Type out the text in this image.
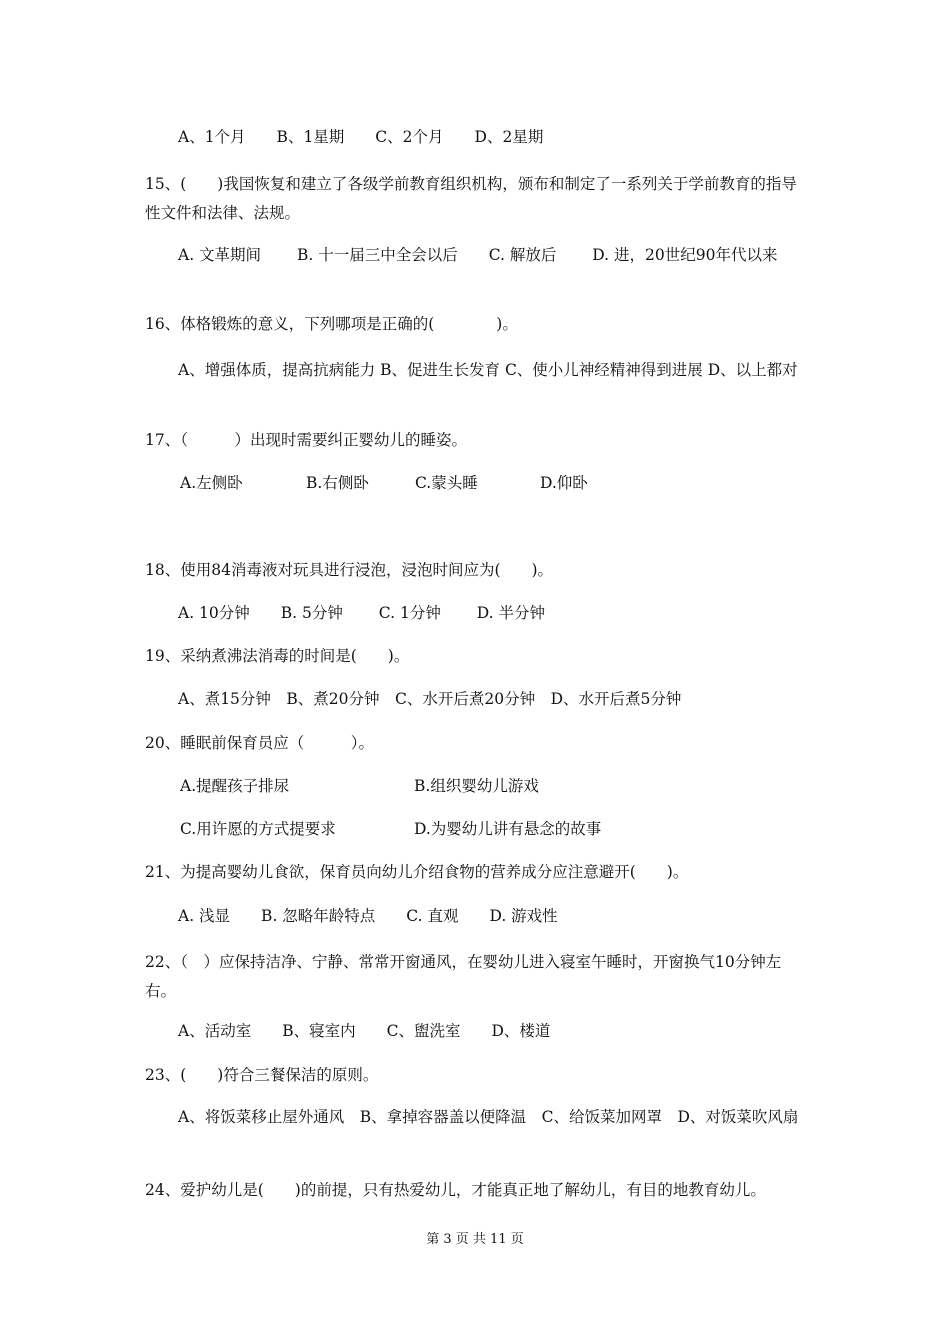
A、1个月　　B、1星期　　C、2个月　　D、2星期
15、(　　)我国恢复和建立了各级学前教育组织机构，颁布和制定了一系列关于学前教育的指导性文件和法律、法规。
A. 文革期间　　 B. 十一届三中全会以后　　C. 解放后　　 D. 进，20世纪90年代以来
16、体格锻炼的意义，下列哪项是正确的(　　　　)。
A、增强体质，提高抗病能力 B、促进生长发育 C、使小儿神经精神得到进展 D、以上都对
17、（　　　）出现时需要纠正婴幼儿的睡姿。
A.左侧卧	B.右侧卧	C.蒙头睡	D.仰卧
18、使用84消毒液对玩具进行浸泡，浸泡时间应为(　　)。
A. 10分钟　　B. 5分钟　　 C. 1分钟　　 D. 半分钟
19、采纳煮沸法消毒的时间是(　　)。
A、煮15分钟　B、煮20分钟　C、水开后煮20分钟　D、水开后煮5分钟
20、睡眠前保育员应（　　　）。
A.提醒孩子排尿	B.组织婴幼儿游戏
C.用许愿的方式提要求	D.为婴幼儿讲有悬念的故事
21、为提高婴幼儿食欲，保育员向幼儿介绍食物的营养成分应注意避开(　　)。
A. 浅显　　B. 忽略年龄特点　　C. 直观　　D. 游戏性
22、（　）应保持洁净、宁静、常常开窗通风，在婴幼儿进入寝室午睡时，开窗换气10分钟左右。
A、活动室　　B、寝室内　　C、盥洗室　　D、楼道
23、(　　)符合三餐保洁的原则。
A、将饭菜移止屋外通风　B、拿掉容器盖以便降温　C、给饭菜加网罩　D、对饭菜吹风扇
24、爱护幼儿是(　　)的前提，只有热爱幼儿，才能真正地了解幼儿，有目的地教育幼儿。
第 3 页 共 11 页
